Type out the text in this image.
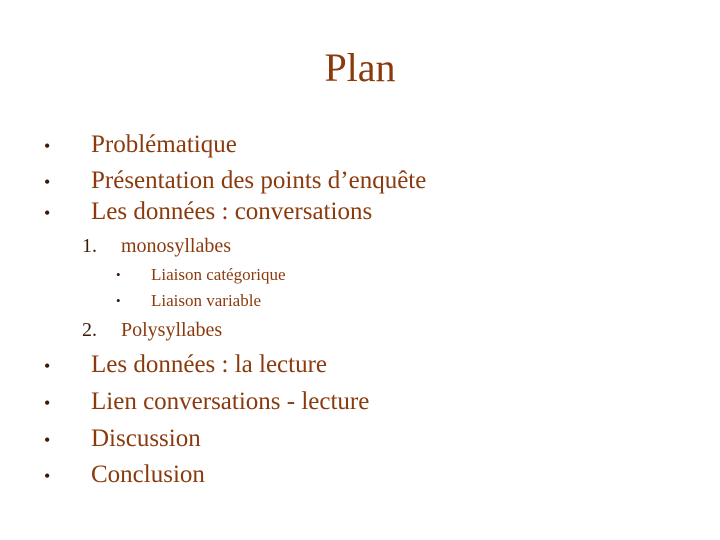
Plan
• Problématique
• Présentation des points d’enquête
• Les données : conversations
1. monosyllabes
• Liaison catégorique
• Liaison variable
2. Polysyllabes
• Les données : la lecture
• Lien conversations - lecture
• Discussion
• Conclusion
